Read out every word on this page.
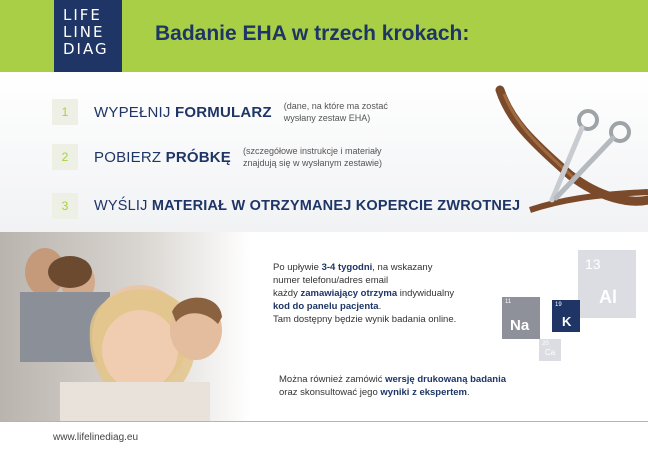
LIFE
LINE
DIAG
Badanie EHA w trzech krokach:
1	WYPEŁNIJ FORMULARZ (dane, na które ma zostać
wysłany zestaw EHA)
2	POBIERZ PRÓBKĘ (szczegółowe instrukcje i materiały
znajdują się w wysłanym zestawie)
3	WYŚLIJ MATERIAŁ W OTRZYMANEJ KOPERCIE ZWROTNEJ
Po upływie 3-4 tygodni, na wskazany
numer telefonu/adres email
każdy zamawiający otrzyma indywidualny
kod do panelu pacjenta.
Tam dostępny będzie wynik badania online.
Można również zamówić wersję drukowaną badania
oraz skonsultować jego wyniki z ekspertem.
13
Al
11
Na
19
K
20
Ca
www.lifelinediag.eu
